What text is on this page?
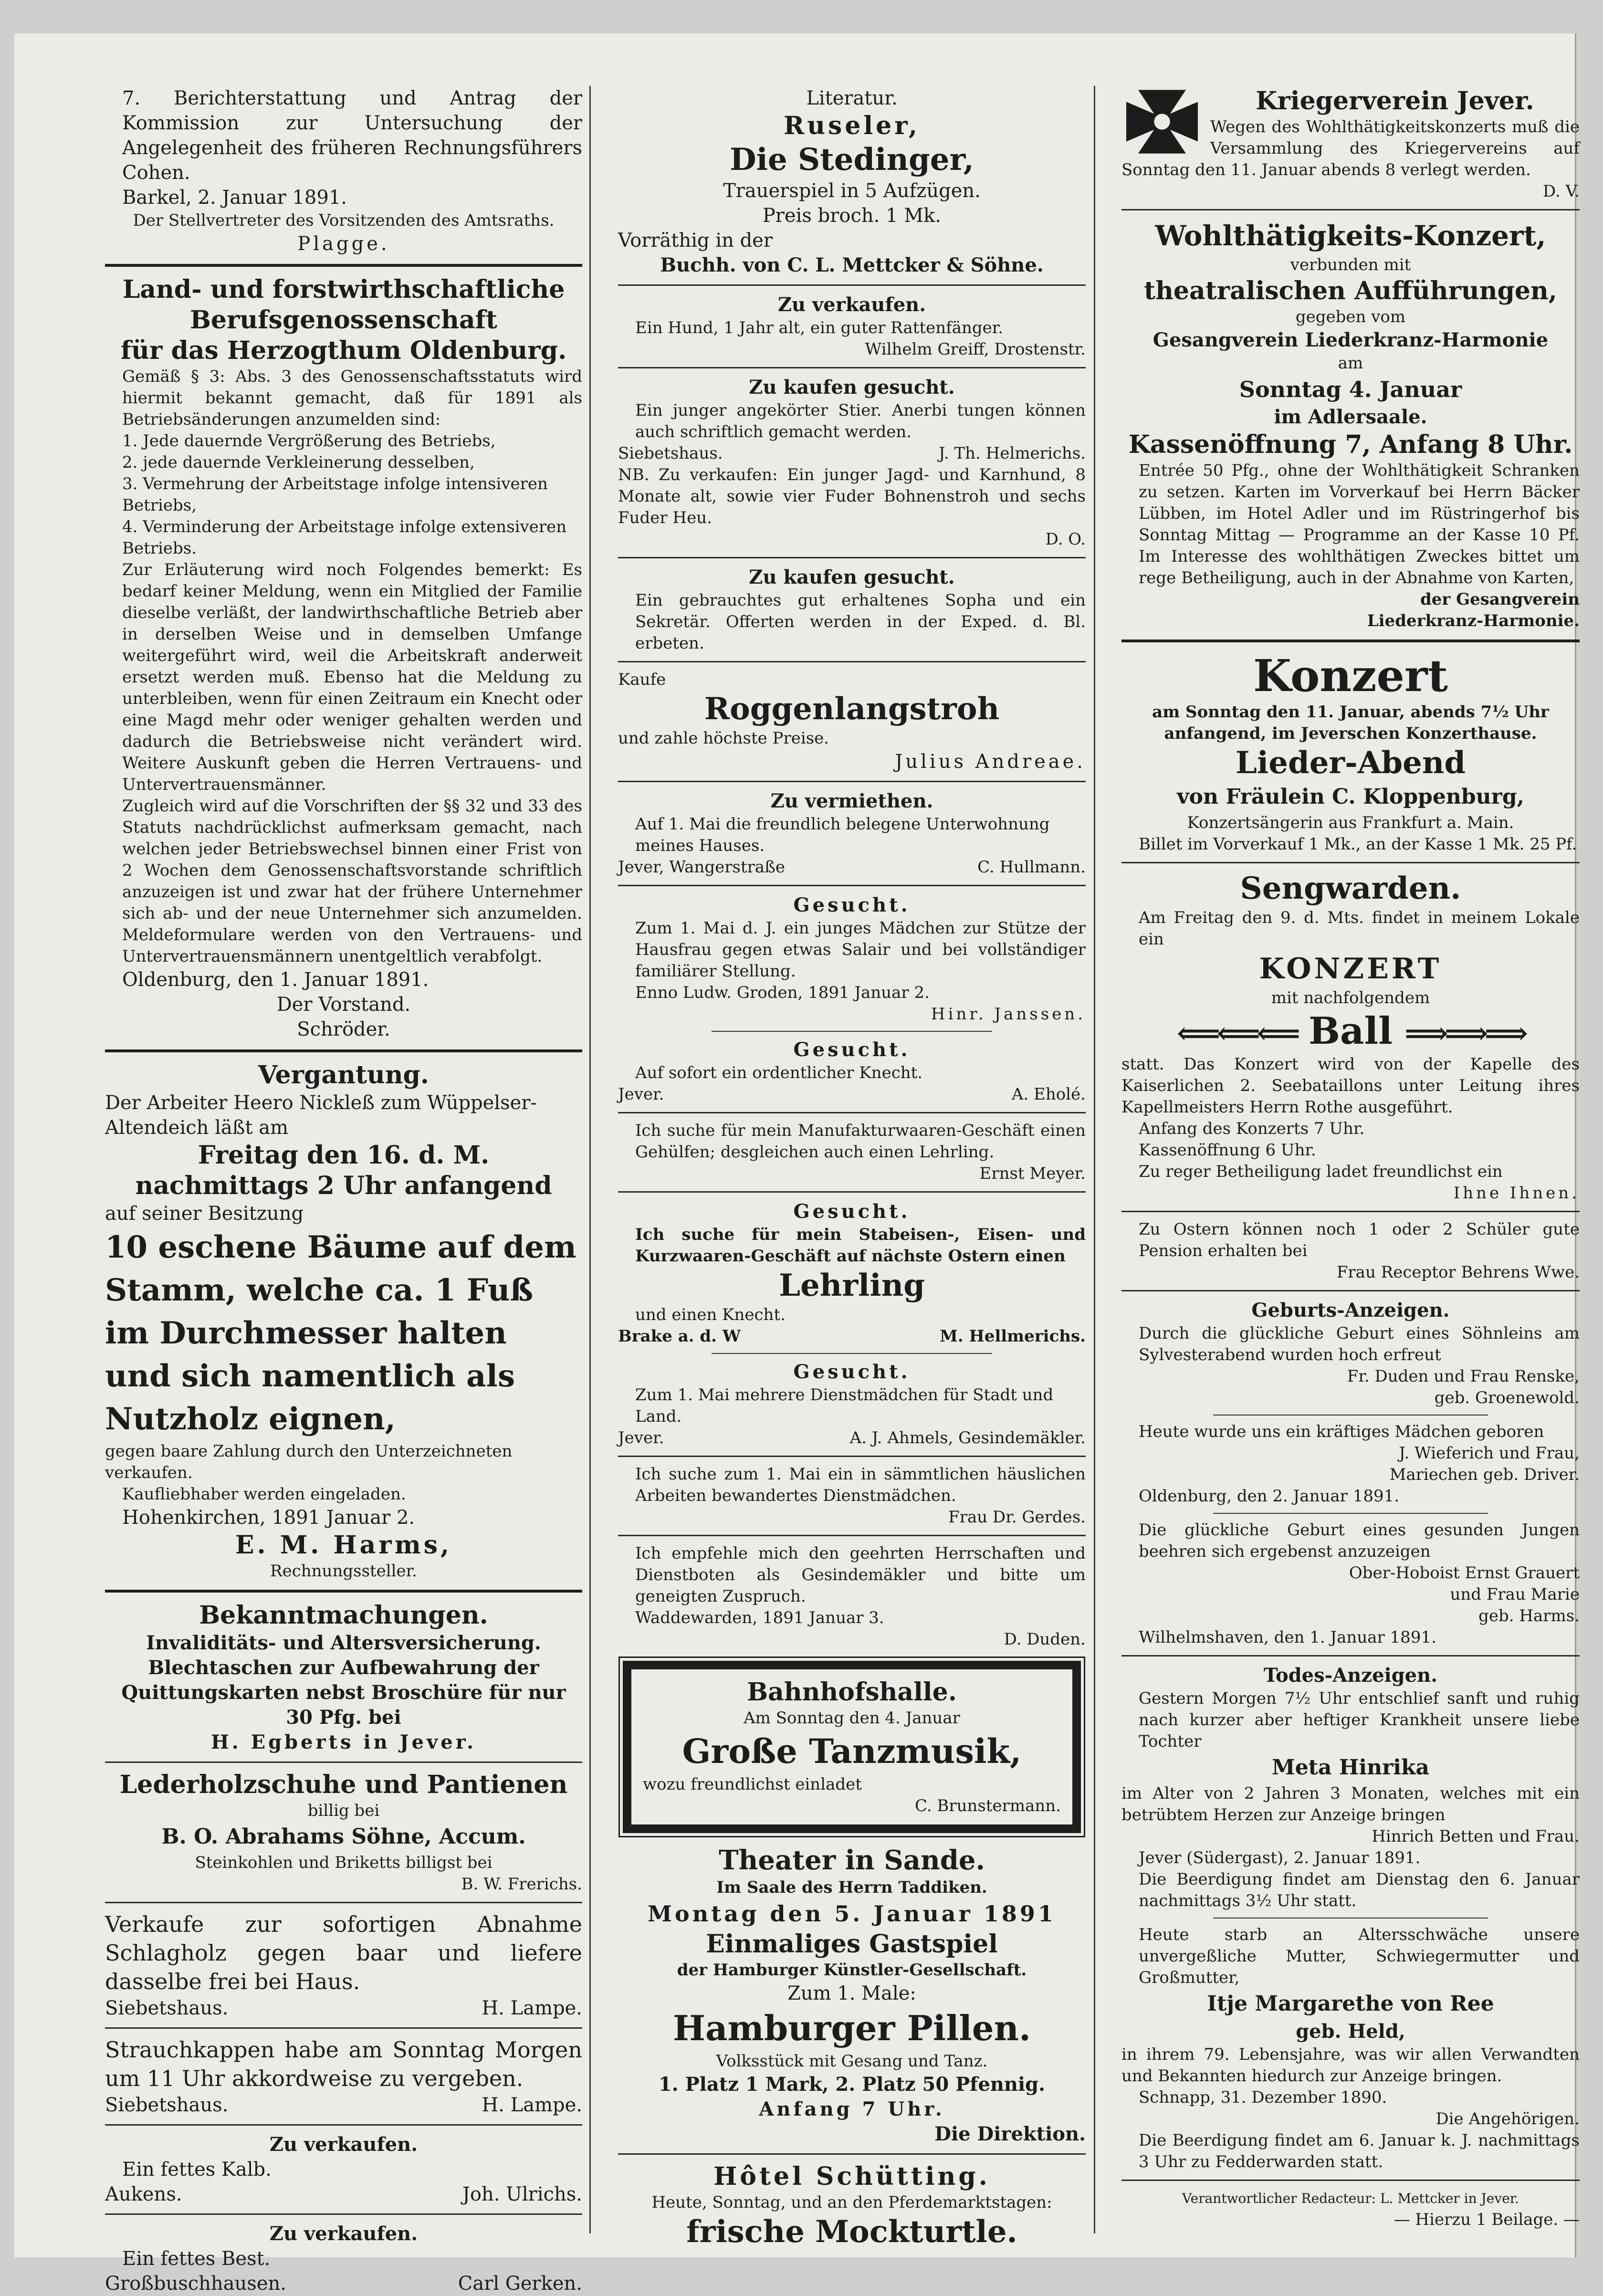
7. Berichterstattung und Antrag der Kommission zur Untersuchung der Angelegenheit des früheren Rechnungsführers Cohen.

Barkel, 2. Januar 1891.

Der Stellvertreter des Vorsitzenden des Amtsraths.

Plagge.

Land- und forstwirthschaftliche

Berufsgenossenschaft

für das Herzogthum Oldenburg.

Gemäß § 3: Abs. 3 des Genossenschaftsstatuts wird hiermit bekannt gemacht, daß für 1891 als Betriebsänderungen anzumelden sind:

1. Jede dauernde Vergrößerung des Betriebs,

2. jede dauernde Verkleinerung desselben,

3. Vermehrung der Arbeitstage infolge intensiveren Betriebs,

4. Verminderung der Arbeitstage infolge extensiveren Betriebs.

Zur Erläuterung wird noch Folgendes bemerkt: Es bedarf keiner Meldung, wenn ein Mitglied der Familie dieselbe verläßt, der landwirthschaftliche Betrieb aber in derselben Weise und in demselben Umfange weitergeführt wird, weil die Arbeitskraft anderweit ersetzt werden muß. Ebenso hat die Meldung zu unterbleiben, wenn für einen Zeitraum ein Knecht oder eine Magd mehr oder weniger gehalten werden und dadurch die Betriebsweise nicht verändert wird. Weitere Auskunft geben die Herren Vertrauens- und Untervertrauensmänner.

Zugleich wird auf die Vorschriften der §§ 32 und 33 des Statuts nachdrücklichst aufmerksam gemacht, nach welchen jeder Betriebswechsel binnen einer Frist von 2 Wochen dem Genossenschaftsvorstande schriftlich anzuzeigen ist und zwar hat der frühere Unternehmer sich ab- und der neue Unternehmer sich anzumelden. Meldeformulare werden von den Vertrauens- und Untervertrauensmännern unentgeltlich verabfolgt.

Oldenburg, den 1. Januar 1891.

Der Vorstand.

Schröder.

Vergantung.

Der Arbeiter Heero Nickleß zum Wüppelser-Altendeich läßt am

Freitag den 16. d. M.

nachmittags 2 Uhr anfangend

auf seiner Besitzung

10 eschene Bäume auf dem Stamm, welche ca. 1 Fuß im Durchmesser halten und sich namentlich als Nutzholz eignen,

gegen baare Zahlung durch den Unterzeichneten verkaufen.

Kaufliebhaber werden eingeladen.

Hohenkirchen, 1891 Januar 2.

E. M. Harms,

Rechnungssteller.

Bekanntmachungen.

Invaliditäts- und Altersversicherung.

Blechtaschen zur Aufbewahrung der Quittungskarten nebst Broschüre für nur 30 Pfg. bei

H. Egberts in Jever.

Lederholzschuhe und Pantienen

billig bei

B. O. Abrahams Söhne, Accum.

Steinkohlen und Briketts billigst bei

B. W. Frerichs.

Verkaufe zur sofortigen Abnahme Schlagholz gegen baar und liefere dasselbe frei bei Haus.

Siebetshaus.	H. Lampe.

Strauchkappen habe am Sonntag Morgen um 11 Uhr akkordweise zu vergeben.

Siebetshaus.	H. Lampe.

Zu verkaufen.

Ein fettes Kalb.

Aukens.	Joh. Ulrichs.

Zu verkaufen.

Ein fettes Best.

Großbuschhausen.	Carl Gerken.

Literatur.

Ruseler,

Die Stedinger,

Trauerspiel in 5 Aufzügen.

Preis broch. 1 Mk.

Vorräthig in der

Buchh. von C. L. Mettcker & Söhne.

Zu verkaufen.

Ein Hund, 1 Jahr alt, ein guter Rattenfänger.

Wilhelm Greiff, Drostenstr.

Zu kaufen gesucht.

Ein junger angekörter Stier. Anerbi tungen können auch schriftlich gemacht werden.

Siebetshaus.	J. Th. Helmerichs.

NB. Zu verkaufen: Ein junger Jagd- und Karnhund, 8 Monate alt, sowie vier Fuder Bohnenstroh und sechs Fuder Heu.

D. O.

Zu kaufen gesucht.

Ein gebrauchtes gut erhaltenes Sopha und ein Sekretär. Offerten werden in der Exped. d. Bl. erbeten.

Kaufe

Roggenlangstroh

und zahle höchste Preise.

Julius Andreae.

Zu vermiethen.

Auf 1. Mai die freundlich belegene Unterwohnung meines Hauses.

Jever, Wangerstraße	C. Hullmann.

Gesucht.

Zum 1. Mai d. J. ein junges Mädchen zur Stütze der Hausfrau gegen etwas Salair und bei vollständiger familiärer Stellung.

Enno Ludw. Groden, 1891 Januar 2.

Hinr. Janssen.

Gesucht.

Auf sofort ein ordentlicher Knecht.

Jever.	A. Eholé.

Ich suche für mein Manufakturwaaren-Geschäft einen Gehülfen; desgleichen auch einen Lehrling.

Ernst Meyer.

Gesucht.

Ich suche für mein Stabeisen-, Eisen- und Kurzwaaren-Geschäft auf nächste Ostern einen

Lehrling

und einen Knecht.

Brake a. d. W	M. Hellmerichs.

Gesucht.

Zum 1. Mai mehrere Dienstmädchen für Stadt und Land.

Jever.	A. J. Ahmels, Gesindemäkler.

Ich suche zum 1. Mai ein in sämmtlichen häuslichen Arbeiten bewandertes Dienstmädchen.

Frau Dr. Gerdes.

Ich empfehle mich den geehrten Herrschaften und Dienstboten als Gesindemäkler und bitte um geneigten Zuspruch.

Waddewarden, 1891 Januar 3.

D. Duden.

Bahnhofshalle.

Am Sonntag den 4. Januar

Große Tanzmusik,

wozu freundlichst einladet

C. Brunstermann.

Theater in Sande.

Im Saale des Herrn Taddiken.

Montag den 5. Januar 1891

Einmaliges Gastspiel

der Hamburger Künstler-Gesellschaft.

Zum 1. Male:

Hamburger Pillen.

Volksstück mit Gesang und Tanz.

1. Platz 1 Mark, 2. Platz 50 Pfennig.

Anfang 7 Uhr.

Die Direktion.

Hôtel Schütting.

Heute, Sonntag, und an den Pferdemarktstagen:

frische Mockturtle.

Kriegerverein Jever.

Wegen des Wohlthätigkeitskonzerts muß die Versammlung des Kriegervereins auf Sonntag den 11. Januar abends 8 verlegt werden.

D. V.

Wohlthätigkeits-Konzert,

verbunden mit

theatralischen Aufführungen,

gegeben vom

Gesangverein Liederkranz-Harmonie

am

Sonntag 4. Januar

im Adlersaale.

Kassenöffnung 7, Anfang 8 Uhr.

Entrée 50 Pfg., ohne der Wohlthätigkeit Schranken zu setzen. Karten im Vorverkauf bei Herrn Bäcker Lübben, im Hotel Adler und im Rüstringerhof bis Sonntag Mittag — Programme an der Kasse 10 Pf. Im Interesse des wohlthätigen Zweckes bittet um rege Betheiligung, auch in der Abnahme von Karten,

der Gesangverein

Liederkranz-Harmonie.

Konzert

am Sonntag den 11. Januar, abends 7½ Uhr anfangend, im Jeverschen Konzerthause.

Lieder-Abend

von Fräulein C. Kloppenburg,

Konzertsängerin aus Frankfurt a. Main.

Billet im Vorverkauf 1 Mk., an der Kasse 1 Mk. 25 Pf.

Sengwarden.

Am Freitag den 9. d. Mts. findet in meinem Lokale ein

KONZERT

mit nachfolgendem

⟸⟸⟸ Ball ⟹⟹⟹

statt. Das Konzert wird von der Kapelle des Kaiserlichen 2. Seebataillons unter Leitung ihres Kapellmeisters Herrn Rothe ausgeführt.

Anfang des Konzerts 7 Uhr.

Kassenöffnung 6 Uhr.

Zu reger Betheiligung ladet freundlichst ein

Ihne Ihnen.

Zu Ostern können noch 1 oder 2 Schüler gute Pension erhalten bei

Frau Receptor Behrens Wwe.

Geburts-Anzeigen.

Durch die glückliche Geburt eines Söhnleins am Sylvesterabend wurden hoch erfreut

Fr. Duden und Frau Renske,

geb. Groenewold.

Heute wurde uns ein kräftiges Mädchen geboren

J. Wieferich und Frau,

Mariechen geb. Driver.

Oldenburg, den 2. Januar 1891.

Die glückliche Geburt eines gesunden Jungen beehren sich ergebenst anzuzeigen

Ober-Hoboist Ernst Grauert

und Frau Marie

geb. Harms.

Wilhelmshaven, den 1. Januar 1891.

Todes-Anzeigen.

Gestern Morgen 7½ Uhr entschlief sanft und ruhig nach kurzer aber heftiger Krankheit unsere liebe Tochter

Meta Hinrika

im Alter von 2 Jahren 3 Monaten, welches mit ein betrübtem Herzen zur Anzeige bringen

Hinrich Betten und Frau.

Jever (Südergast), 2. Januar 1891.

Die Beerdigung findet am Dienstag den 6. Januar nachmittags 3½ Uhr statt.

Heute starb an Altersschwäche unsere unvergeßliche Mutter, Schwiegermutter und Großmutter,

Itje Margarethe von Ree

geb. Held,

in ihrem 79. Lebensjahre, was wir allen Verwandten und Bekannten hiedurch zur Anzeige bringen.

Schnapp, 31. Dezember 1890.

Die Angehörigen.

Die Beerdigung findet am 6. Januar k. J. nachmittags 3 Uhr zu Fedderwarden statt.

Verantwortlicher Redacteur: L. Mettcker in Jever.

— Hierzu 1 Beilage. —
